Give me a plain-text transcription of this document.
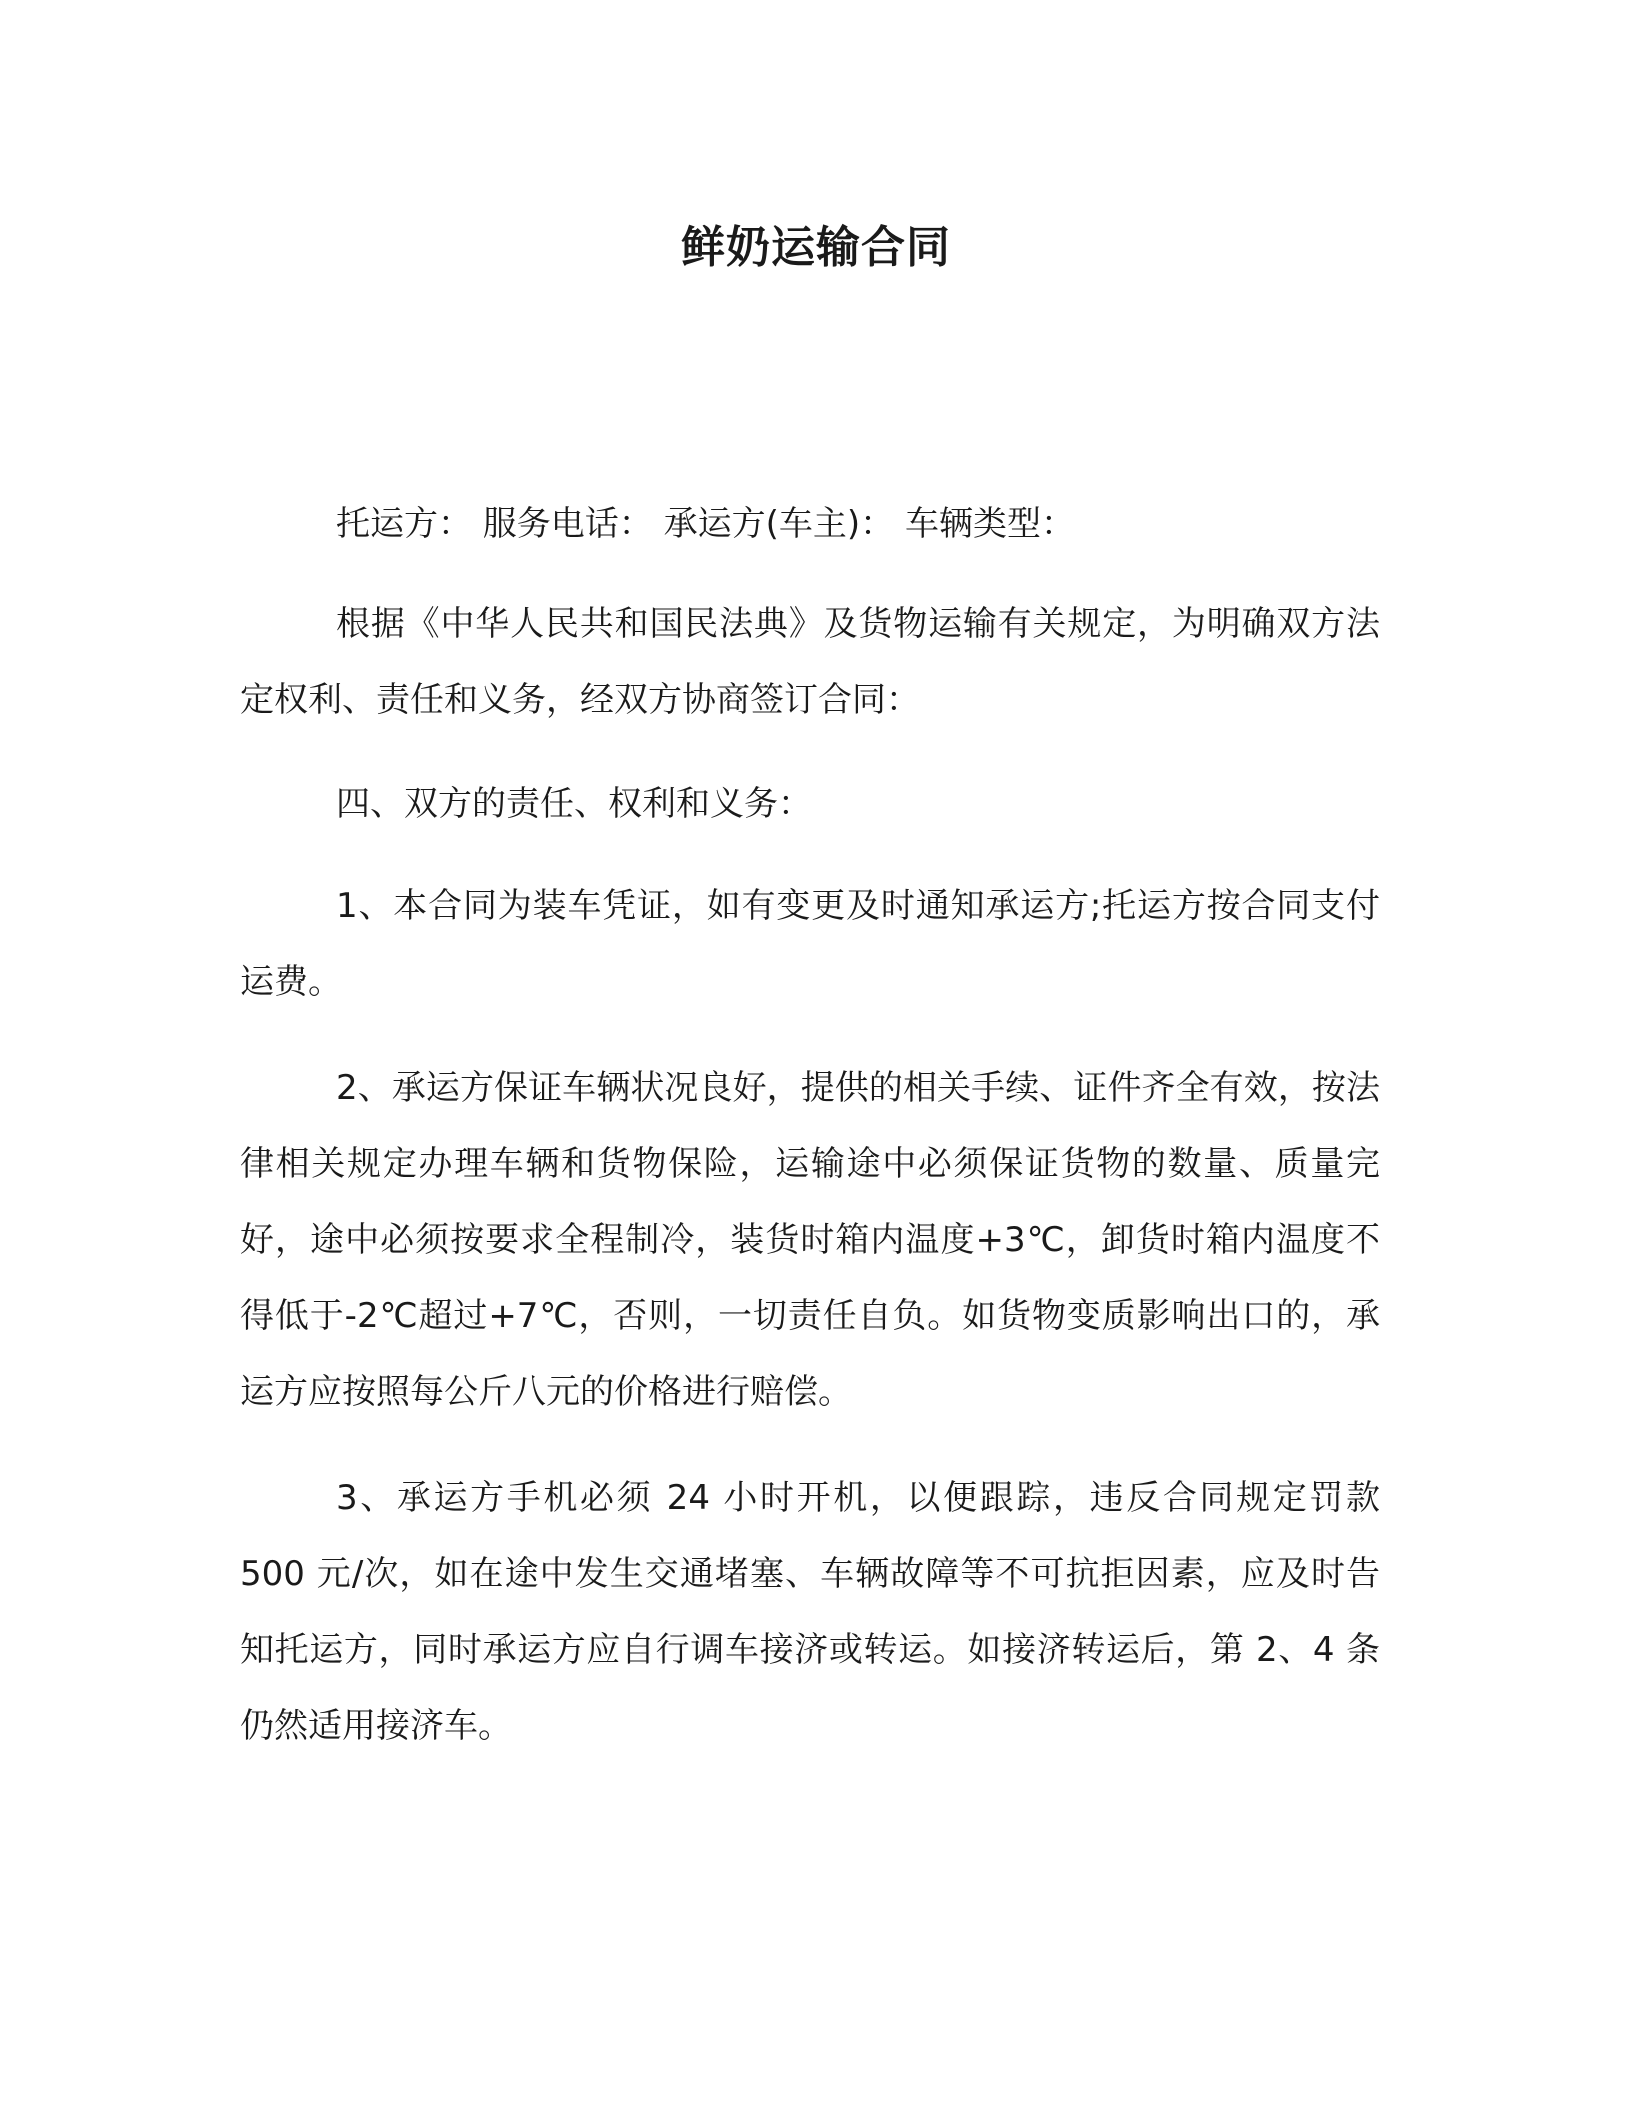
鲜奶运输合同

托运方： 服务电话： 承运方(车主)： 车辆类型：

根据《中华人民共和国民法典》及货物运输有关规定，为明确双方法定权利、责任和义务，经双方协商签订合同：

四、双方的责任、权利和义务：

1、本合同为装车凭证，如有变更及时通知承运方;托运方按合同支付运费。

2、承运方保证车辆状况良好，提供的相关手续、证件齐全有效，按法律相关规定办理车辆和货物保险，运输途中必须保证货物的数量、质量完好，途中必须按要求全程制冷，装货时箱内温度+3℃，卸货时箱内温度不得低于-2℃超过+7℃，否则，一切责任自负。如货物变质影响出口的，承运方应按照每公斤八元的价格进行赔偿。

3、承运方手机必须 24 小时开机，以便跟踪，违反合同规定罚款 500 元/次，如在途中发生交通堵塞、车辆故障等不可抗拒因素，应及时告知托运方，同时承运方应自行调车接济或转运。如接济转运后，第 2、4 条仍然适用接济车。
